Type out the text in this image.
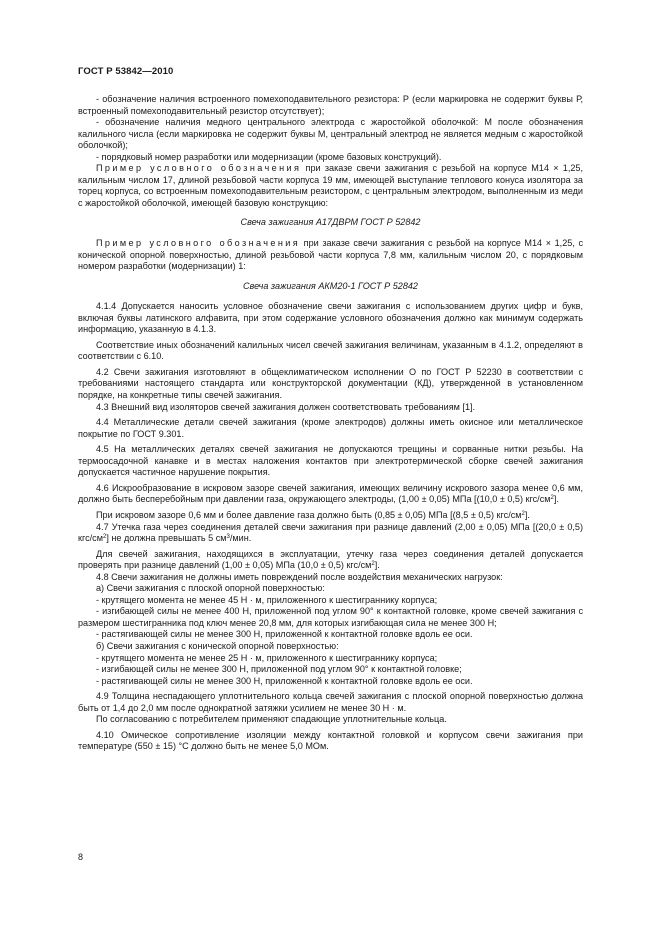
ГОСТ Р 53842—2010

- обозначение наличия встроенного помехоподавительного резистора: Р (если маркировка не содержит буквы Р, встроенный помехоподавительный резистор отсутствует);

- обозначение наличия медного центрального электрода с жаростойкой оболочкой: М после обозначения калильного числа (если маркировка не содержит буквы М, центральный электрод не является медным с жаростойкой оболочкой);

- порядковый номер разработки или модернизации (кроме базовых конструкций).

Пример условного обозначения при заказе свечи зажигания с резьбой на корпусе М14 × 1,25, калильным числом 17, длиной резьбовой части корпуса 19 мм, имеющей выступание теплового конуса изолятора за торец корпуса, со встроенным помехоподавительным резистором, с центральным электродом, выполненным из меди с жаростойкой оболочкой, имеющей базовую конструкцию:

Свеча зажигания А17ДВРМ ГОСТ Р 52842

Пример условного обозначения при заказе свечи зажигания с резьбой на корпусе М14 × 1,25, с конической опорной поверхностью, длиной резьбовой части корпуса 7,8 мм, калильным числом 20, с порядковым номером разработки (модернизации) 1:

Свеча зажигания АКМ20-1 ГОСТ Р 52842

4.1.4 Допускается наносить условное обозначение свечи зажигания с использованием других цифр и букв, включая буквы латинского алфавита, при этом содержание условного обозначения должно как минимум содержать информацию, указанную в 4.1.3.

Соответствие иных обозначений калильных чисел свечей зажигания величинам, указанным в 4.1.2, определяют в соответствии с 6.10.

4.2 Свечи зажигания изготовляют в общеклиматическом исполнении О по ГОСТ Р 52230 в соответствии с требованиями настоящего стандарта или конструкторской документации (КД), утвержденной в установленном порядке, на конкретные типы свечей зажигания.

4.3 Внешний вид изоляторов свечей зажигания должен соответствовать требованиям [1].

4.4 Металлические детали свечей зажигания (кроме электродов) должны иметь окисное или металлическое покрытие по ГОСТ 9.301.

4.5 На металлических деталях свечей зажигания не допускаются трещины и сорванные нитки резьбы. На термоосадочной канавке и в местах наложения контактов при электротермической сборке свечей зажигания допускается частичное нарушение покрытия.

4.6 Искрообразование в искровом зазоре свечей зажигания, имеющих величину искрового зазора менее 0,6 мм, должно быть бесперебойным при давлении газа, окружающего электроды, (1,00 ± 0,05) МПа [(10,0 ± 0,5) кгс/$см^2$].

При искровом зазоре 0,6 мм и более давление газа должно быть (0,85 ± 0,05) МПа [(8,5 ± 0,5) кгс/$см^2$].

4.7 Утечка газа через соединения деталей свечи зажигания при разнице давлений (2,00 ± 0,05) МПа [(20,0 ± 0,5) кгс/$см^2$] не должна превышать 5 $см^3$/мин.

Для свечей зажигания, находящихся в эксплуатации, утечку газа через соединения деталей допускается проверять при разнице давлений (1,00 ± 0,05) МПа (10,0 ± 0,5) кгс/$см^2$].

4.8 Свечи зажигания не должны иметь повреждений после воздействия механических нагрузок:

а) Свечи зажигания с плоской опорной поверхностью:

- крутящего момента не менее 45 Н · м, приложенного к шестиграннику корпуса;

- изгибающей силы не менее 400 Н, приложенной под углом 90° к контактной головке, кроме свечей зажигания с размером шестигранника под ключ менее 20,8 мм, для которых изгибающая сила не менее 300 Н;

- растягивающей силы не менее 300 Н, приложенной к контактной головке вдоль ее оси.

б) Свечи зажигания с конической опорной поверхностью:

- крутящего момента не менее 25 Н · м, приложенного к шестиграннику корпуса;

- изгибающей силы не менее 300 Н, приложенной под углом 90° к контактной головке;

- растягивающей силы не менее 300 Н, приложенной к контактной головке вдоль ее оси.

4.9 Толщина неспадающего уплотнительного кольца свечей зажигания с плоской опорной поверхностью должна быть от 1,4 до 2,0 мм после однократной затяжки усилием не менее 30 Н · м.

По согласованию с потребителем применяют спадающие уплотнительные кольца.

4.10 Омическое сопротивление изоляции между контактной головкой и корпусом свечи зажигания при температуре (550 ± 15) °С должно быть не менее 5,0 МОм.

8
